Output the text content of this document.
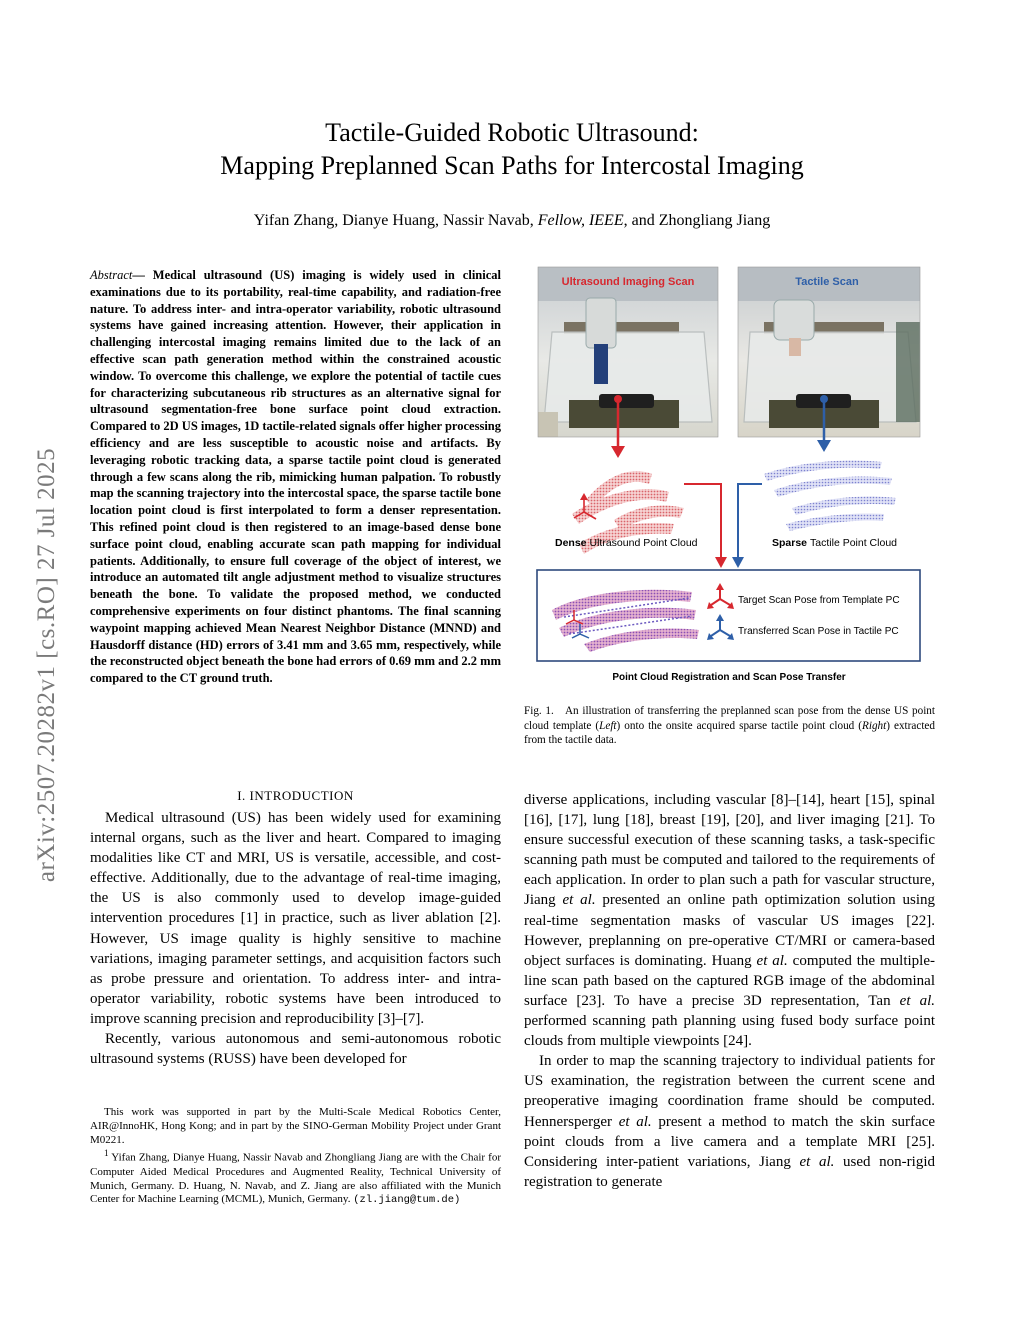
arXiv:2507.20282v1 [cs.RO] 27 Jul 2025
Tactile-Guided Robotic Ultrasound:
Mapping Preplanned Scan Paths for Intercostal Imaging
Yifan Zhang, Dianye Huang, Nassir Navab, Fellow, IEEE, and Zhongliang Jiang
Abstract— Medical ultrasound (US) imaging is widely used in clinical examinations due to its portability, real-time capability, and radiation-free nature. To address inter- and intra-operator variability, robotic ultrasound systems have gained increasing attention. However, their application in challenging intercostal imaging remains limited due to the lack of an effective scan path generation method within the constrained acoustic window. To overcome this challenge, we explore the potential of tactile cues for characterizing subcutaneous rib structures as an alternative signal for ultrasound segmentation-free bone surface point cloud extraction. Compared to 2D US images, 1D tactile-related signals offer higher processing efficiency and are less susceptible to acoustic noise and artifacts. By leveraging robotic tracking data, a sparse tactile point cloud is generated through a few scans along the rib, mimicking human palpation. To robustly map the scanning trajectory into the intercostal space, the sparse tactile bone location point cloud is first interpolated to form a denser representation. This refined point cloud is then registered to an image-based dense bone surface point cloud, enabling accurate scan path mapping for individual patients. Additionally, to ensure full coverage of the object of interest, we introduce an automated tilt angle adjustment method to visualize structures beneath the bone. To validate the proposed method, we conducted comprehensive experiments on four distinct phantoms. The final scanning waypoint mapping achieved Mean Nearest Neighbor Distance (MNND) and Hausdorff distance (HD) errors of 3.41 mm and 3.65 mm, respectively, while the reconstructed object beneath the bone had errors of 0.69 mm and 2.2 mm compared to the CT ground truth.
I. INTRODUCTION

Medical ultrasound (US) has been widely used for examining internal organs, such as the liver and heart. Compared to imaging modalities like CT and MRI, US is versatile, accessible, and cost-effective. Additionally, due to the advantage of real-time imaging, the US is also commonly used to develop image-guided intervention procedures [1] in practice, such as liver ablation [2]. However, US image quality is highly sensitive to machine variations, imaging parameter settings, and acquisition factors such as probe pressure and orientation. To address inter- and intra-operator variability, robotic systems have been introduced to improve scanning precision and reproducibility [3]–[7].

Recently, various autonomous and semi-autonomous robotic ultrasound systems (RUSS) have been developed for

This work was supported in part by the Multi-Scale Medical Robotics Center, AIR@InnoHK, Hong Kong; and in part by the SINO-German Mobility Project under Grant M0221.

$^1$ Yifan Zhang, Dianye Huang, Nassir Navab and Zhongliang Jiang are with the Chair for Computer Aided Medical Procedures and Augmented Reality, Technical University of Munich, Germany. D. Huang, N. Navab, and Z. Jiang are also affiliated with the Munich Center for Machine Learning (MCML), Munich, Germany. (zl.jiang@tum.de)

Ultrasound Imaging Scan	Tactile Scan
Dense Ultrasound Point Cloud	Sparse Tactile Point Cloud
Target Scan Pose from Template PC
Transferred Scan Pose in Tactile PC
Point Cloud Registration and Scan Pose Transfer

Fig. 1. An illustration of transferring the preplanned scan pose from the dense US point cloud template (Left) onto the onsite acquired sparse tactile point cloud (Right) extracted from the tactile data.

diverse applications, including vascular [8]–[14], heart [15], spinal [16], [17], lung [18], breast [19], [20], and liver imaging [21]. To ensure successful execution of these scanning tasks, a task-specific scanning path must be computed and tailored to the requirements of each application. In order to plan such a path for vascular structure, Jiang et al. presented an online path optimization solution using real-time segmentation masks of vascular US images [22]. However, preplanning on pre-operative CT/MRI or camera-based object surfaces is dominating. Huang et al. computed the multiple-line scan path based on the captured RGB image of the abdominal surface [23]. To have a precise 3D representation, Tan et al. performed scanning path planning using fused body surface point clouds from multiple viewpoints [24].

In order to map the scanning trajectory to individual patients for US examination, the registration between the current scene and preoperative imaging coordination frame should be computed. Hennersperger et al. present a method to match the skin surface point clouds from a live camera and a template MRI [25]. Considering inter-patient variations, Jiang et al. used non-rigid registration to generate
